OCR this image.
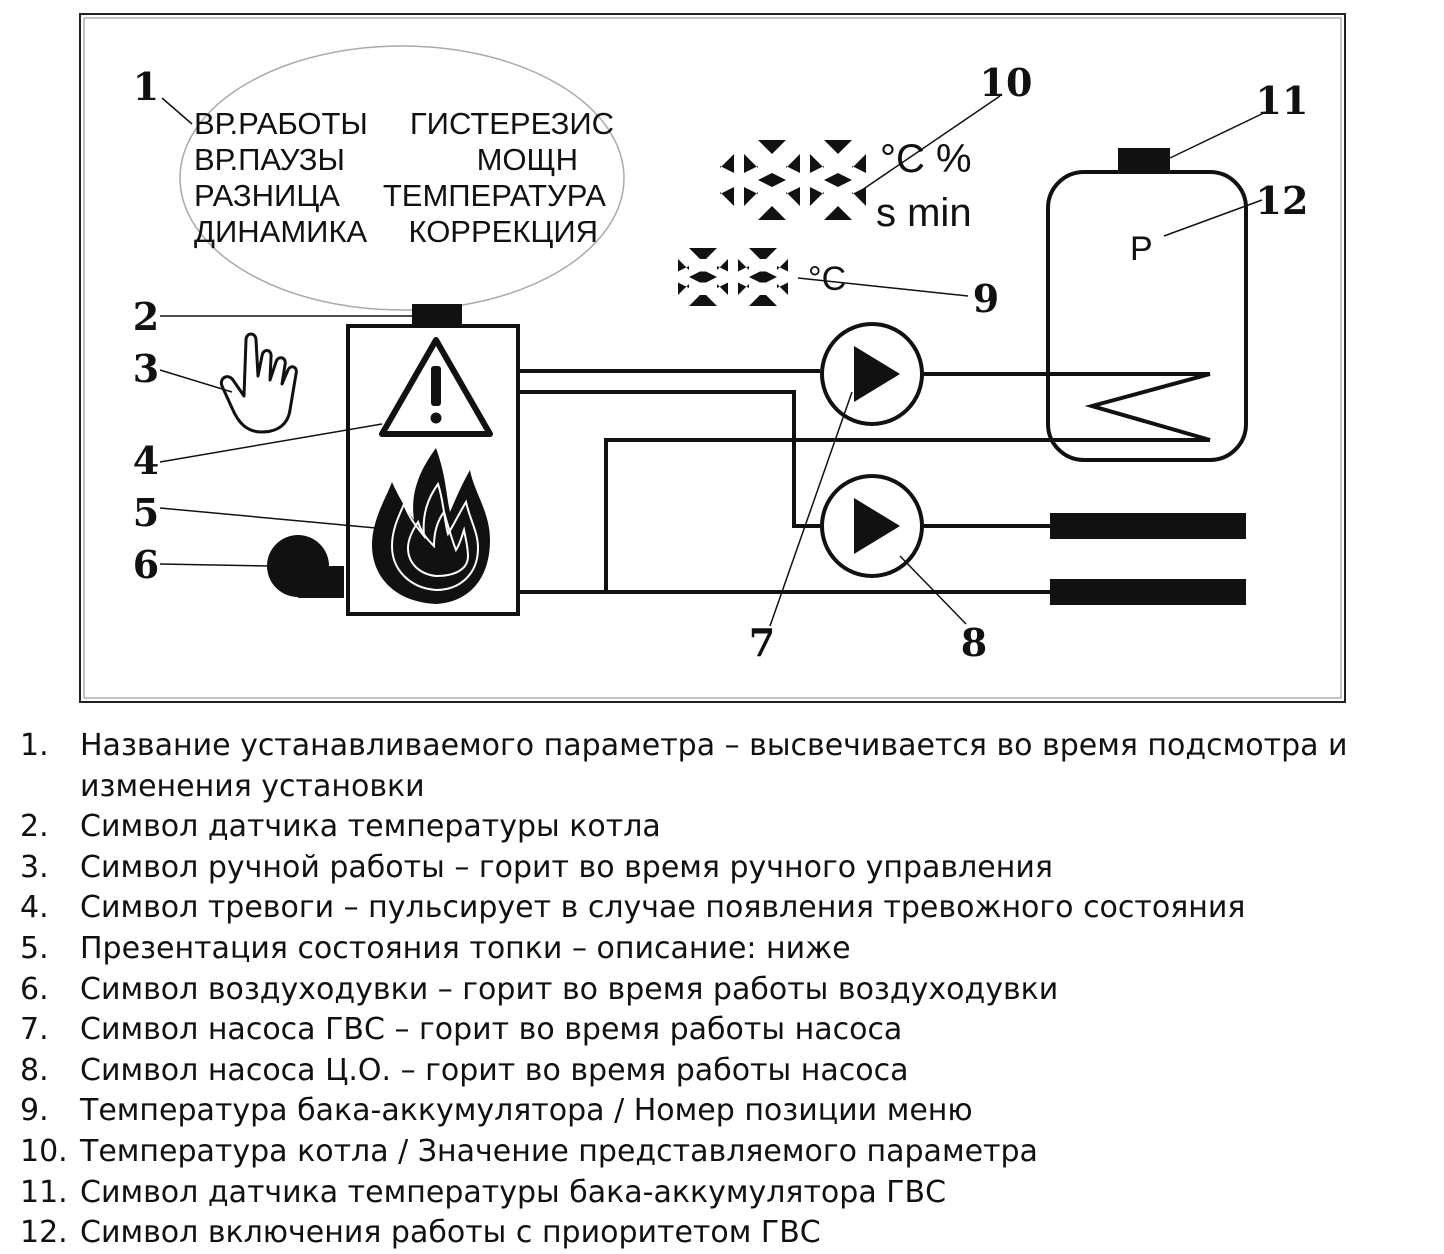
ВР.РАБОТЫ ГИСТЕРЕЗИС
ВР.ПАУЗЫ	МОЩН
РАЗНИЦА ТЕМПЕРАТУРА
ДИНАМИКА КОРРЕКЦИЯ
°C %
s min
°C
P
1
2
3
4
5
6
7	8
9
10	11
12
1.	Название устанавливаемого параметра – высвечивается во время подсмотра и изменения установки
2.	Символ датчика температуры котла
3.	Символ ручной работы – горит во время ручного управления
4.	Символ тревоги – пульсирует в случае появления тревожного состояния
5.	Презентация состояния топки – описание: ниже
6.	Символ воздуходувки – горит во время работы воздуходувки
7.	Символ насоса ГВС – горит во время работы насоса
8.	Символ насоса Ц.О. – горит во время работы насоса
9.	Температура бака-аккумулятора / Номер позиции меню
10. Температура котла / Значение представляемого параметра
11. Символ датчика температуры бака-аккумулятора ГВС
12. Символ включения работы с приоритетом ГВС
